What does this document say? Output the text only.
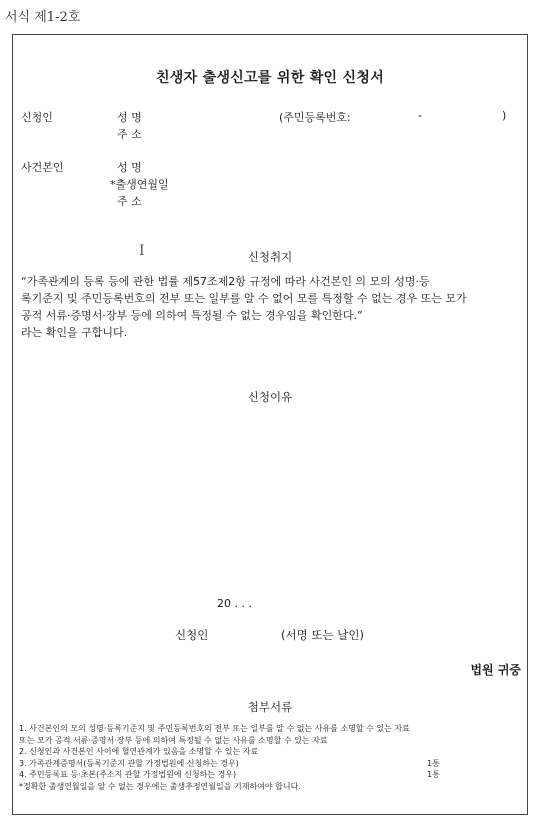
서식 제1-2호
친생자 출생신고를 위한 확인 신청서
신청인	성 명	(주민등록번호:	-	)
주 소
사건본인	성 명
*출생연월일
주 소
I	신청취지
“가족관계의 등록 등에 관한 법률 제57조제2항 규정에 따라 사건본인 의 모의 성명·등
록기준지 및 주민등록번호의 전부 또는 일부를 알 수 없어 모를 특정할 수 없는 경우 또는 모가
공적 서류·증명서·장부 등에 의하여 특정될 수 없는 경우임을 확인한다.”
라는 확인을 구합니다.
신청이유
20 . . .
신청인	(서명 또는 날인)
법원 귀중
첨부서류
1. 사건본인의 모의 성명·등록기준지 및 주민등록번호의 전부 또는 일부를 알 수 없는 사유를 소명할 수 있는 자료
또는 모가 공적 서류·증명서·장부 등에 의하여 특정될 수 없는 사유를 소명할 수 있는 자료
2. 신청인과 사건본인 사이에 혈연관계가 있음을 소명할 수 있는 자료
3. 가족관계증명서(등록기준지 관할 가정법원에 신청하는 경우)	1통
4. 주민등록표 등·초본(주소지 관할 가정법원에 신청하는 경우)	1통
*정확한 출생연월일을 알 수 없는 경우에는 출생추정연월일을 기재하여야 합니다.
